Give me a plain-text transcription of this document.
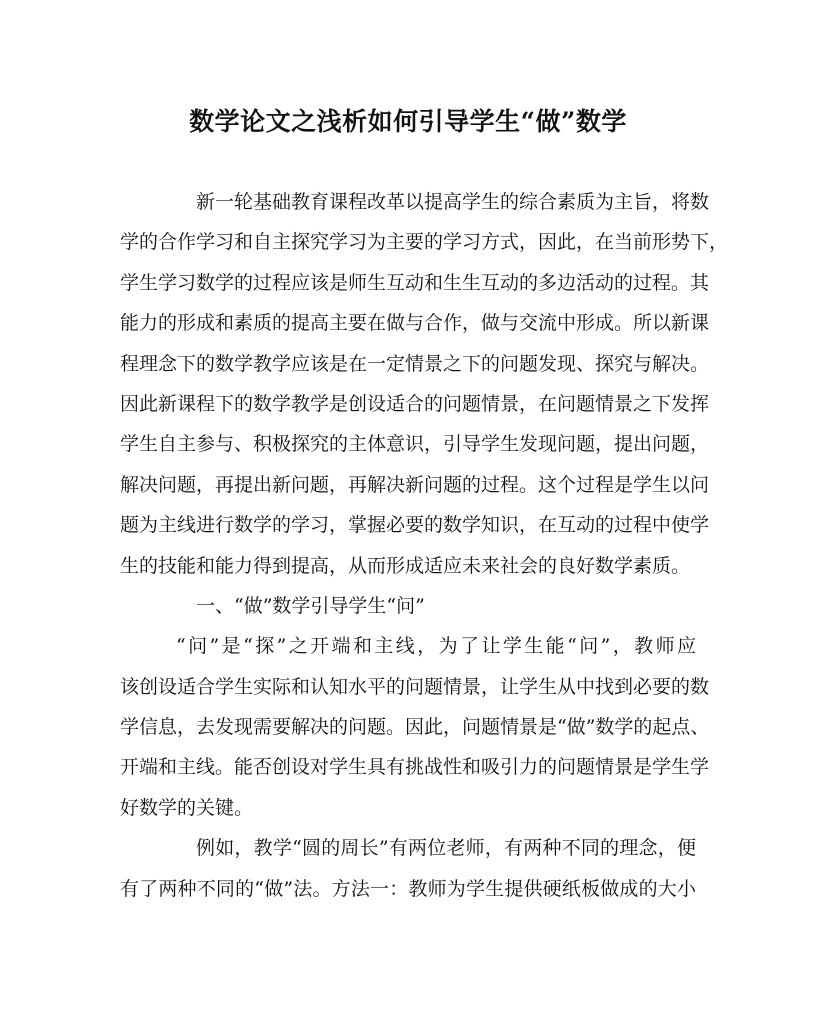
数学论文之浅析如何引导学生“做”数学
新一轮基础教育课程改革以提高学生的综合素质为主旨，将数
学的合作学习和自主探究学习为主要的学习方式，因此，在当前形势下，
学生学习数学的过程应该是师生互动和生生互动的多边活动的过程。其
能力的形成和素质的提高主要在做与合作，做与交流中形成。所以新课
程理念下的数学教学应该是在一定情景之下的问题发现、探究与解决。
因此新课程下的数学教学是创设适合的问题情景，在问题情景之下发挥
学生自主参与、积极探究的主体意识，引导学生发现问题，提出问题，
解决问题，再提出新问题，再解决新问题的过程。这个过程是学生以问
题为主线进行数学的学习，掌握必要的数学知识，在互动的过程中使学
生的技能和能力得到提高，从而形成适应未来社会的良好数学素质。
一、“做”数学引导学生“问”
“问”是“探”之开端和主线，为了让学生能“问”，教师应
该创设适合学生实际和认知水平的问题情景，让学生从中找到必要的数
学信息，去发现需要解决的问题。因此，问题情景是“做”数学的起点、
开端和主线。能否创设对学生具有挑战性和吸引力的问题情景是学生学
好数学的关键。
例如，教学“圆的周长”有两位老师，有两种不同的理念，便
有了两种不同的“做”法。方法一：教师为学生提供硬纸板做成的大小
